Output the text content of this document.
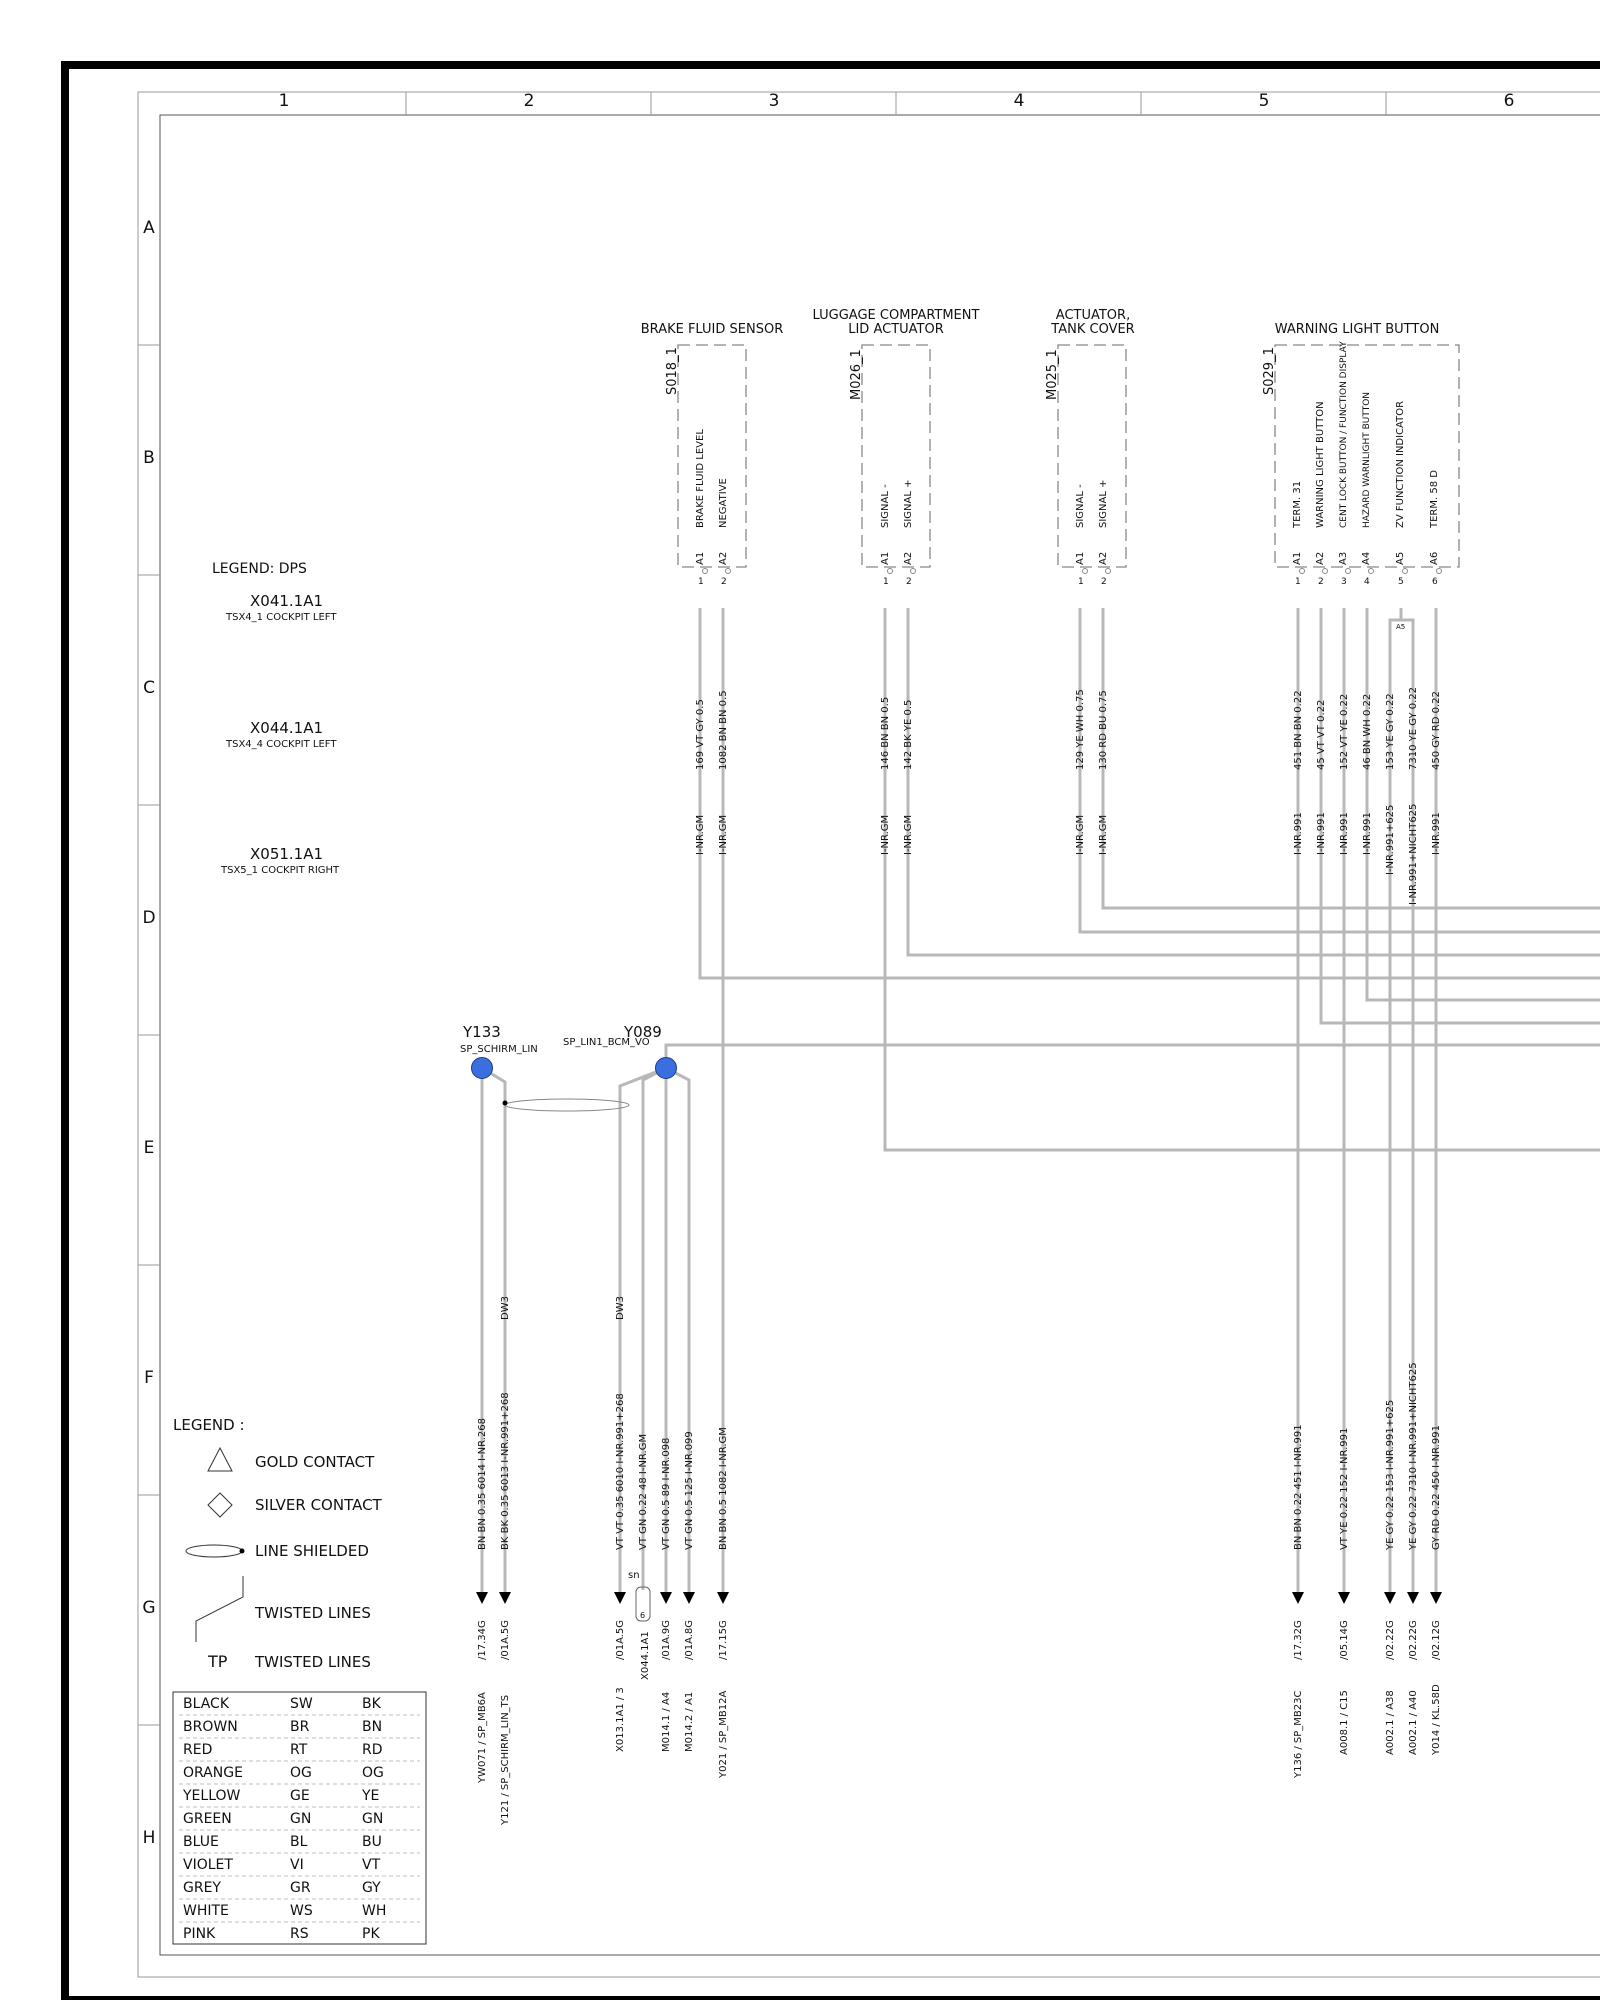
1	2	3	4	5	6
A
B
C
D
E
F
G
H
LEGEND: DPS
X041.1A1
TSX4_1 COCKPIT LEFT
X044.1A1
TSX4_4 COCKPIT LEFT
X051.1A1
TSX5_1 COCKPIT RIGHT
BRAKE FLUID SENSOR
S018_1
BRAKE FLUID LEVEL NEGATIVE
A1 A2
1 2
LUGGAGE COMPARTMENT
LID ACTUATOR
M026_1
SIGNAL - SIGNAL +
A1 A2
1 2
ACTUATOR,
TANK COVER
M025_1
SIGNAL - SIGNAL +
A1 A2
1 2
WARNING LIGHT BUTTON
S029_1
TERM. 31 WARNING LIGHT BUTTON CENT LOCK BUTTON / FUNCTION DISPLAY HAZARD WARNLIGHT BUTTON ZV FUNCTION INDICATOR TERM. 58 D
A1 A2 A3 A4 A5 A6
1 2 3 4	5	6
A5
169 VT GY 0.5 1082 BN BN 0.5	146 BN BN 0.5 142 BK YE 0.5	129 YE WH 0.75 130 RD BU 0.75	451 BN BN 0.22 45 VT VT 0.22 152 VT YE 0.22 46 BN WH 0.22 153 YE GY 0.22 7310 YE GY 0.22 450 GY RD 0.22
I-NR.GM I-NR.GM	I-NR.GM I-NR.GM	I-NR.GM I-NR.GM	I-NR.991 I-NR.991 I-NR.991 I-NR.991 I-NR.991+625 I-NR.991+NICHT625 I-NR.991
Y133
SP_SCHIRM_LIN
Y089
SP_LIN1_BCM_VO
DW3	DW3
BN BN 0.35 6014 I-NR.268 BK BK 0.35 6013 I-NR.991+268	VT VT 0.35 6010 I-NR.991+268 VT GN 0.22 48 I-NR.GM VT GN 0.5 89 I-NR.098 VT GN 0.5 125 I-NR.099 BN BN 0.5 1082 I-NR.GM	BN BN 0.22 451 I-NR.991	VT YE 0.22 152 I-NR.991	YE GY 0.22 153 I-NR.991+625 YE GY 0.22 7310 I-NR.991+NICHT625 GY RD 0.22 450 I-NR.991
sn
6
/17.34G /01A.5G	/01A.5G X044.1A1 /01A.9G /01A.8G /17.15G	/17.32G	/05.14G	/02.22G /02.22G /02.12G
YW071 / SP_MB6A Y121 / SP_SCHIRM_LIN_TS	X013.1A1 / 3	M014.1 / A4 M014.2 / A1 Y021 / SP_MB12A	Y136 / SP_MB23C	A008.1 / C15	A002.1 / A38 A002.1 / A40 Y014 / KL.58D
LEGEND :
GOLD CONTACT
SILVER CONTACT
LINE SHIELDED
TWISTED LINES
TP TWISTED LINES
BLACK	SW	BK
BROWN	BR	BN
RED	RT	RD
ORANGE	OG	OG
YELLOW	GE	YE
GREEN	GN	GN
BLUE	BL	BU
VIOLET	VI	VT
GREY	GR	GY
WHITE	WS	WH
PINK	RS	PK
